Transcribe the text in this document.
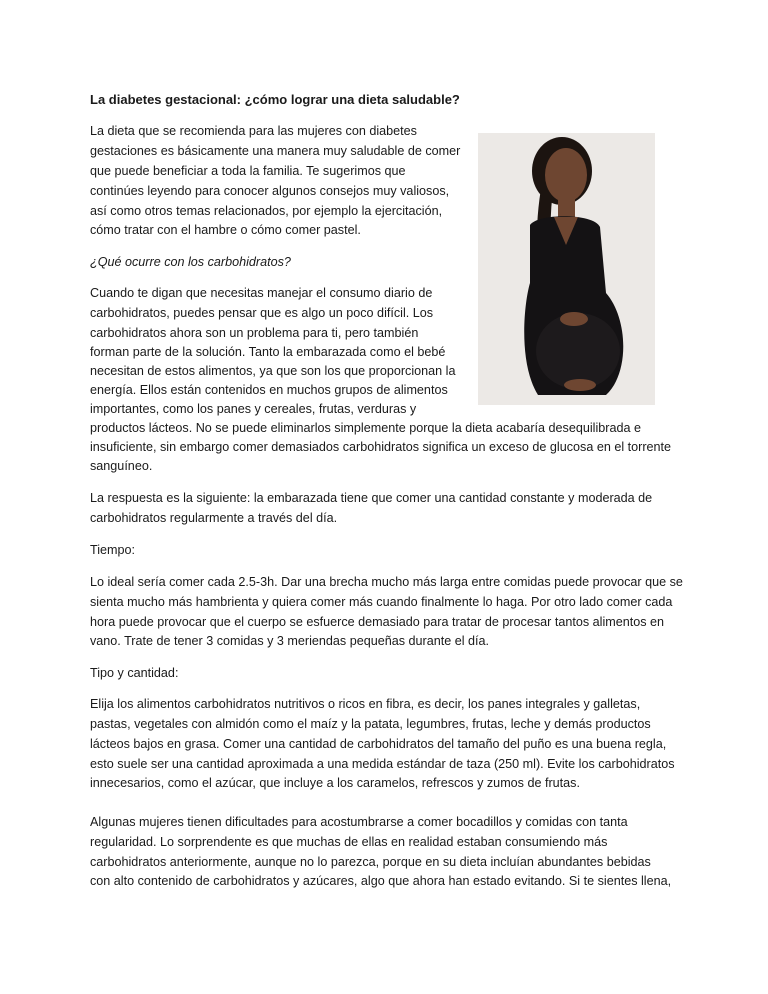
La diabetes gestacional: ¿cómo lograr una dieta saludable?
La dieta que se recomienda para las mujeres con diabetes
gestaciones es básicamente una manera muy saludable de comer
que puede beneficiar a toda la familia. Te sugerimos que
continúes leyendo para conocer algunos consejos muy valiosos,
así como otros temas relacionados, por ejemplo la ejercitación,
cómo tratar con el hambre o cómo comer pastel.
¿Qué ocurre con los carbohidratos?
Cuando te digan que necesitas manejar el consumo diario de
carbohidratos, puedes pensar que es algo un poco difícil. Los
carbohidratos ahora son un problema para ti, pero también
forman parte de la solución. Tanto la embarazada como el bebé
necesitan de estos alimentos, ya que son los que proporcionan la
energía. Ellos están contenidos en muchos grupos de alimentos
importantes, como los panes y cereales, frutas, verduras y
productos lácteos. No se puede eliminarlos simplemente porque la dieta acabaría desequilibrada e
insuficiente, sin embargo comer demasiados carbohidratos significa un exceso de glucosa en el torrente
sanguíneo.
La respuesta es la siguiente: la embarazada tiene que comer una cantidad constante y moderada de
carbohidratos regularmente a través del día.
Tiempo:
Lo ideal sería comer cada 2.5-3h. Dar una brecha mucho más larga entre comidas puede provocar que se
sienta mucho más hambrienta y quiera comer más cuando finalmente lo haga. Por otro lado comer cada
hora puede provocar que el cuerpo se esfuerce demasiado para tratar de procesar tantos alimentos en
vano. Trate de tener 3 comidas y 3 meriendas pequeñas durante el día.
Tipo y cantidad:
Elija los alimentos carbohidratos nutritivos o ricos en fibra, es decir, los panes integrales y galletas,
pastas, vegetales con almidón como el maíz y la patata, legumbres, frutas, leche y demás productos
lácteos bajos en grasa. Comer una cantidad de carbohidratos del tamaño del puño es una buena regla,
esto suele ser una cantidad aproximada a una medida estándar de taza (250 ml). Evite los carbohidratos
innecesarios, como el azúcar, que incluye a los caramelos, refrescos y zumos de frutas.
Algunas mujeres tienen dificultades para acostumbrarse a comer bocadillos y comidas con tanta
regularidad. Lo sorprendente es que muchas de ellas en realidad estaban consumiendo más
carbohidratos anteriormente, aunque no lo parezca, porque en su dieta incluían abundantes bebidas
con alto contenido de carbohidratos y azúcares, algo que ahora han estado evitando. Si te sientes llena,
